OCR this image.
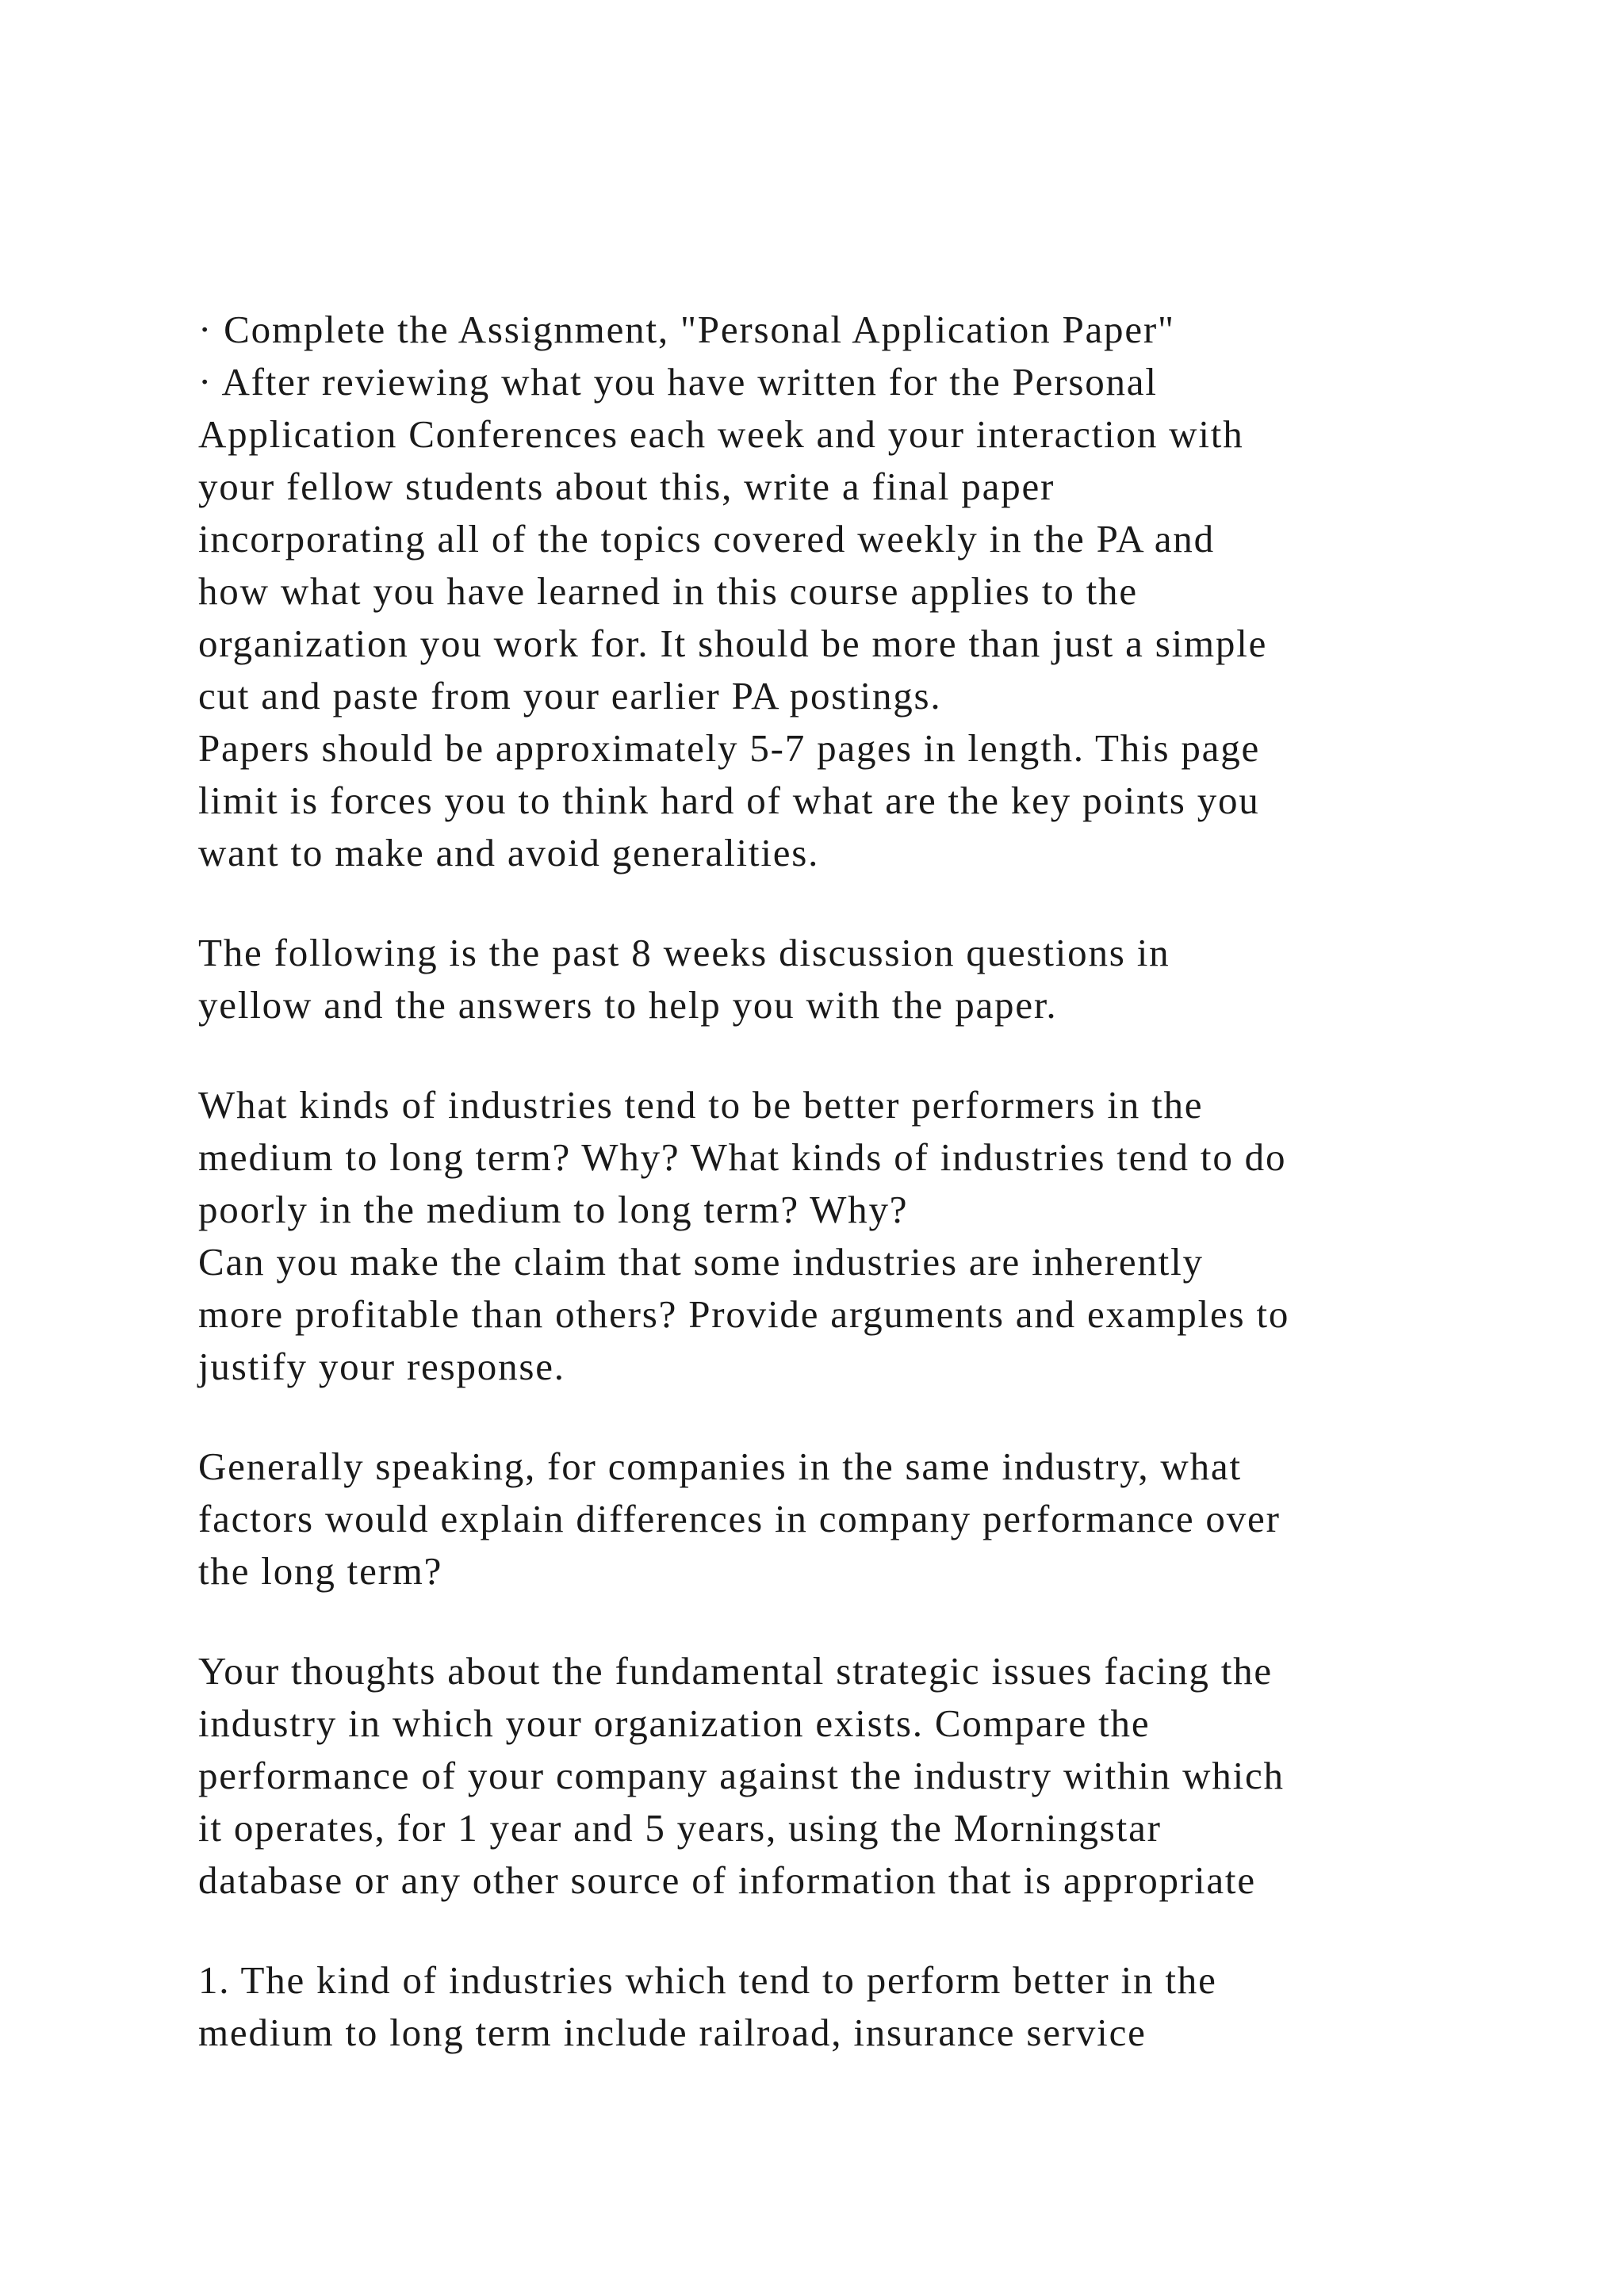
· Complete the Assignment, "Personal Application Paper"
· After reviewing what you have written for the Personal
Application Conferences each week and your interaction with
your fellow students about this, write a final paper
incorporating all of the topics covered weekly in the PA and
how what you have learned in this course applies to the
organization you work for. It should be more than just a simple
cut and paste from your earlier PA postings.
Papers should be approximately 5-7 pages in length. This page
limit is forces you to think hard of what are the key points you
want to make and avoid generalities.
The following is the past 8 weeks discussion questions in
yellow and the answers to help you with the paper.
What kinds of industries tend to be better performers in the
medium to long term? Why? What kinds of industries tend to do
poorly in the medium to long term? Why?
Can you make the claim that some industries are inherently
more profitable than others? Provide arguments and examples to
justify your response.
Generally speaking, for companies in the same industry, what
factors would explain differences in company performance over
the long term?
Your thoughts about the fundamental strategic issues facing the
industry in which your organization exists. Compare the
performance of your company against the industry within which
it operates, for 1 year and 5 years, using the Morningstar
database or any other source of information that is appropriate
1. The kind of industries which tend to perform better in the
medium to long term include railroad, insurance service
